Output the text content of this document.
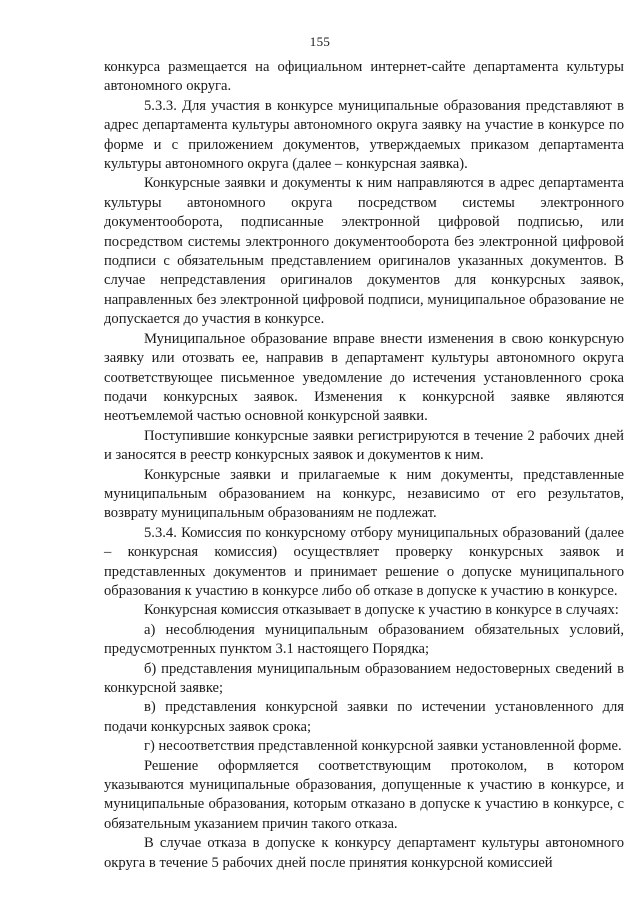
155

конкурса размещается на официальном интернет-сайте департамента культуры автономного округа.

5.3.3. Для участия в конкурсе муниципальные образования представляют в адрес департамента культуры автономного округа заявку на участие в конкурсе по форме и с приложением документов, утверждаемых приказом департамента культуры автономного округа (далее – конкурсная заявка).

Конкурсные заявки и документы к ним направляются в адрес департамента культуры автономного округа посредством системы электронного документооборота, подписанные электронной цифровой подписью, или посредством системы электронного документооборота без электронной цифровой подписи с обязательным представлением оригиналов указанных документов. В случае непредставления оригиналов документов для конкурсных заявок, направленных без электронной цифровой подписи, муниципальное образование не допускается до участия в конкурсе.

Муниципальное образование вправе внести изменения в свою конкурсную заявку или отозвать ее, направив в департамент культуры автономного округа соответствующее письменное уведомление до истечения установленного срока подачи конкурсных заявок. Изменения к конкурсной заявке являются неотъемлемой частью основной конкурсной заявки.

Поступившие конкурсные заявки регистрируются в течение 2 рабочих дней и заносятся в реестр конкурсных заявок и документов к ним.

Конкурсные заявки и прилагаемые к ним документы, представленные муниципальным образованием на конкурс, независимо от его результатов, возврату муниципальным образованиям не подлежат.

5.3.4. Комиссия по конкурсному отбору муниципальных образований (далее – конкурсная комиссия) осуществляет проверку конкурсных заявок и представленных документов и принимает решение о допуске муниципального образования к участию в конкурсе либо об отказе в допуске к участию в конкурсе.

Конкурсная комиссия отказывает в допуске к участию в конкурсе в случаях:

а) несоблюдения муниципальным образованием обязательных условий, предусмотренных пунктом 3.1 настоящего Порядка;

б) представления муниципальным образованием недостоверных сведений в конкурсной заявке;

в) представления конкурсной заявки по истечении установленного для подачи конкурсных заявок срока;

г) несоответствия представленной конкурсной заявки установленной форме.

Решение оформляется соответствующим протоколом, в котором указываются муниципальные образования, допущенные к участию в конкурсе, и муниципальные образования, которым отказано в допуске к участию в конкурсе, с обязательным указанием причин такого отказа.

В случае отказа в допуске к конкурсу департамент культуры автономного округа в течение 5 рабочих дней после принятия конкурсной комиссией
